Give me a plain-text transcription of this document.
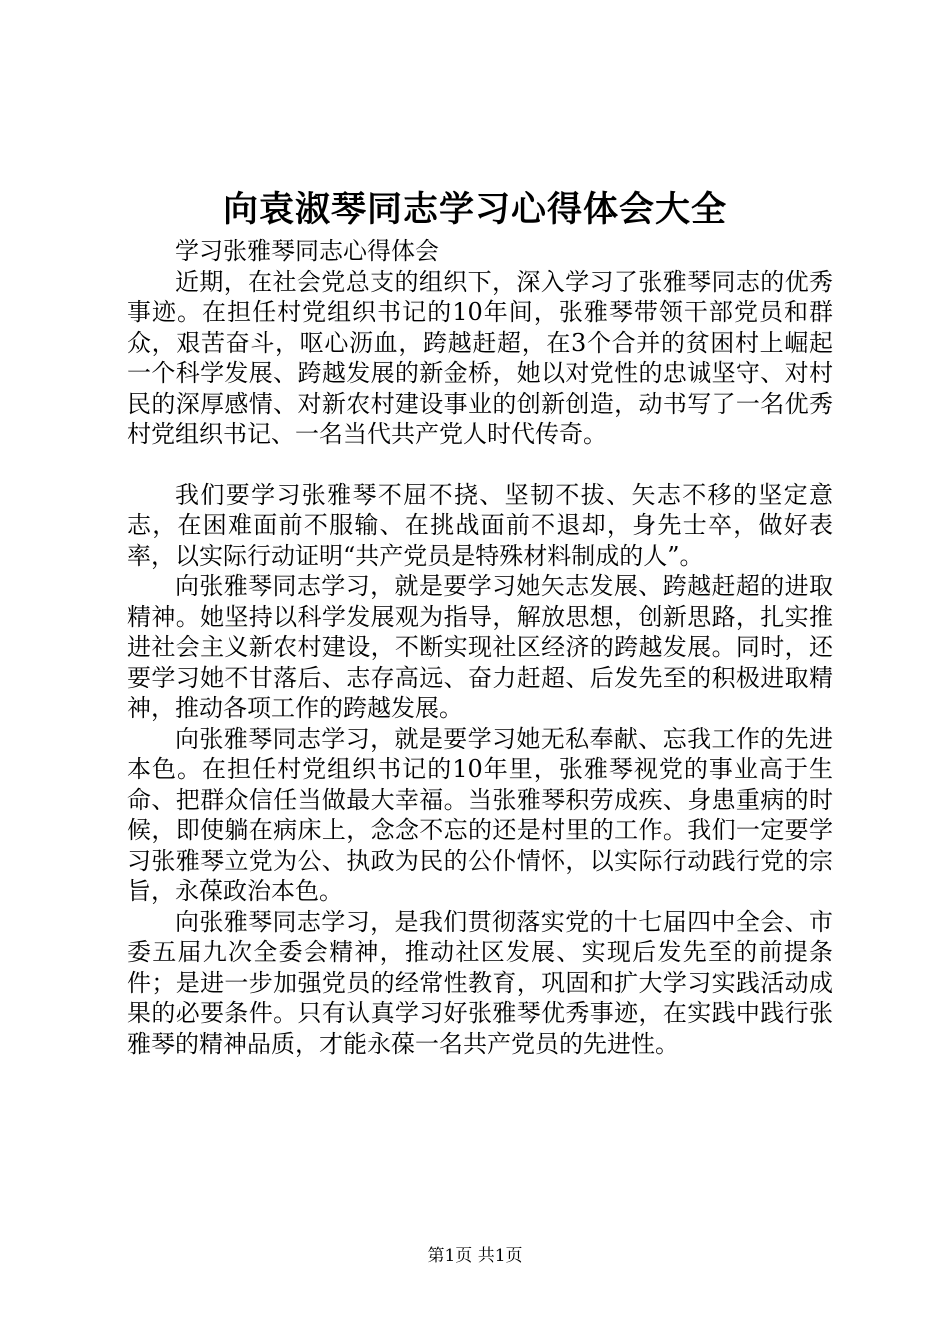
向袁淑琴同志学习心得体会大全

学习张雅琴同志心得体会

近期，在社会党总支的组织下，深入学习了张雅琴同志的优秀事迹。在担任村党组织书记的10年间，张雅琴带领干部党员和群众，艰苦奋斗，呕心沥血，跨越赶超，在3个合并的贫困村上崛起一个科学发展、跨越发展的新金桥，她以对党性的忠诚坚守、对村民的深厚感情、对新农村建设事业的创新创造，动书写了一名优秀村党组织书记、一名当代共产党人时代传奇。

我们要学习张雅琴不屈不挠、坚韧不拔、矢志不移的坚定意志，在困难面前不服输、在挑战面前不退却，身先士卒，做好表率，以实际行动证明“共产党员是特殊材料制成的人”。

向张雅琴同志学习，就是要学习她矢志发展、跨越赶超的进取精神。她坚持以科学发展观为指导，解放思想，创新思路，扎实推进社会主义新农村建设，不断实现社区经济的跨越发展。同时，还要学习她不甘落后、志存高远、奋力赶超、后发先至的积极进取精神，推动各项工作的跨越发展。

向张雅琴同志学习，就是要学习她无私奉献、忘我工作的先进本色。在担任村党组织书记的10年里，张雅琴视党的事业高于生命、把群众信任当做最大幸福。当张雅琴积劳成疾、身患重病的时候，即使躺在病床上，念念不忘的还是村里的工作。我们一定要学习张雅琴立党为公、执政为民的公仆情怀，以实际行动践行党的宗旨，永葆政治本色。

向张雅琴同志学习，是我们贯彻落实党的十七届四中全会、市委五届九次全委会精神，推动社区发展、实现后发先至的前提条件；是进一步加强党员的经常性教育，巩固和扩大学习实践活动成果的必要条件。只有认真学习好张雅琴优秀事迹，在实践中践行张雅琴的精神品质，才能永葆一名共产党员的先进性。

第1页 共1页
